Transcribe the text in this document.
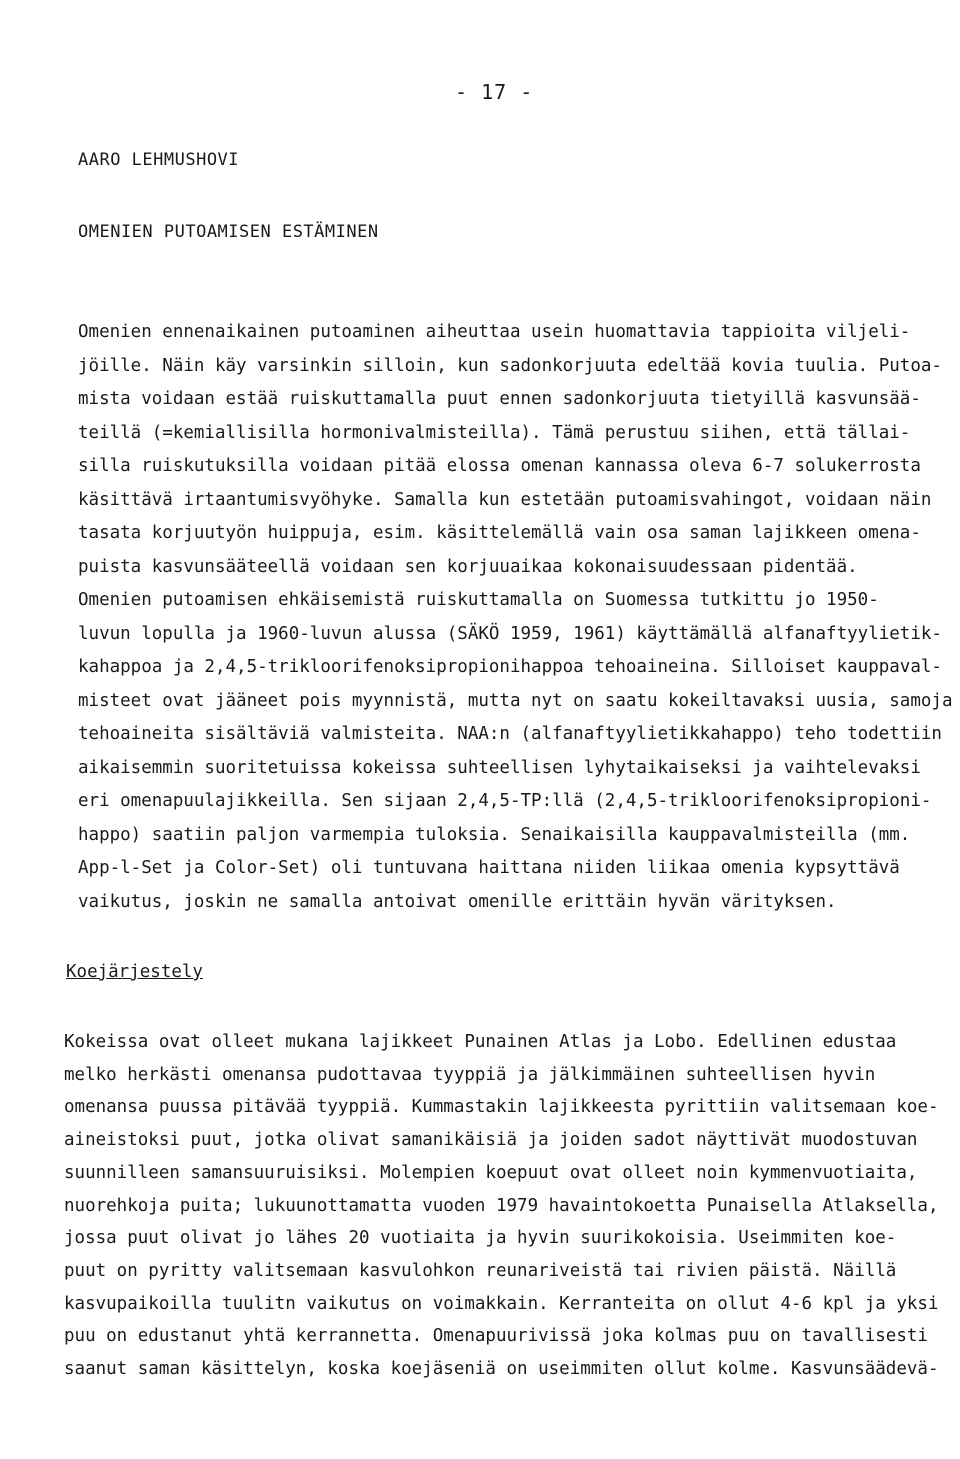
- 17 -
AARO LEHMUSHOVI
OMENIEN PUTOAMISEN ESTÄMINEN
Omenien ennenaikainen putoaminen aiheuttaa usein huomattavia tappioita viljeli-
jöille. Näin käy varsinkin silloin, kun sadonkorjuuta edeltää kovia tuulia. Putoa-
mista voidaan estää ruiskuttamalla puut ennen sadonkorjuuta tietyillä kasvunsää-
teillä (=kemiallisilla hormonivalmisteilla). Tämä perustuu siihen, että tällai-
silla ruiskutuksilla voidaan pitää elossa omenan kannassa oleva 6-7 solukerrosta
käsittävä irtaantumisvyöhyke. Samalla kun estetään putoamisvahingot, voidaan näin
tasata korjuutyön huippuja, esim. käsittelemällä vain osa saman lajikkeen omena-
puista kasvunsääteellä voidaan sen korjuuaikaa kokonaisuudessaan pidentää.
Omenien putoamisen ehkäisemistä ruiskuttamalla on Suomessa tutkittu jo 1950-
luvun lopulla ja 1960-luvun alussa (SÄKÖ 1959, 1961) käyttämällä alfanaftyylietik-
kahappoa ja 2,4,5-trikloorifenoksipropionihappoa tehoaineina. Silloiset kauppaval-
misteet ovat jääneet pois myynnistä, mutta nyt on saatu kokeiltavaksi uusia, samoja
tehoaineita sisältäviä valmisteita. NAA:n (alfanaftyylietikkahappo) teho todettiin
aikaisemmin suoritetuissa kokeissa suhteellisen lyhytaikaiseksi ja vaihtelevaksi
eri omenapuulajikkeilla. Sen sijaan 2,4,5-TP:llä (2,4,5-trikloorifenoksipropioni-
happo) saatiin paljon varmempia tuloksia. Senaikaisilla kauppavalmisteilla (mm.
App-l-Set ja Color-Set) oli tuntuvana haittana niiden liikaa omenia kypsyttävä
vaikutus, joskin ne samalla antoivat omenille erittäin hyvän värityksen.
Koejärjestely
Kokeissa ovat olleet mukana lajikkeet Punainen Atlas ja Lobo. Edellinen edustaa
melko herkästi omenansa pudottavaa tyyppiä ja jälkimmäinen suhteellisen hyvin
omenansa puussa pitävää tyyppiä. Kummastakin lajikkeesta pyrittiin valitsemaan koe-
aineistoksi puut, jotka olivat samanikäisiä ja joiden sadot näyttivät muodostuvan
suunnilleen samansuuruisiksi. Molempien koepuut ovat olleet noin kymmenvuotiaita,
nuorehkoja puita; lukuunottamatta vuoden 1979 havaintokoetta Punaisella Atlaksella,
jossa puut olivat jo lähes 20 vuotiaita ja hyvin suurikokoisia. Useimmiten koe-
puut on pyritty valitsemaan kasvulohkon reunariveistä tai rivien päistä. Näillä
kasvupaikoilla tuulitn vaikutus on voimakkain. Kerranteita on ollut 4-6 kpl ja yksi
puu on edustanut yhtä kerrannetta. Omenapuurivissä joka kolmas puu on tavallisesti
saanut saman käsittelyn, koska koejäseniä on useimmiten ollut kolme. Kasvunsäädevä-
